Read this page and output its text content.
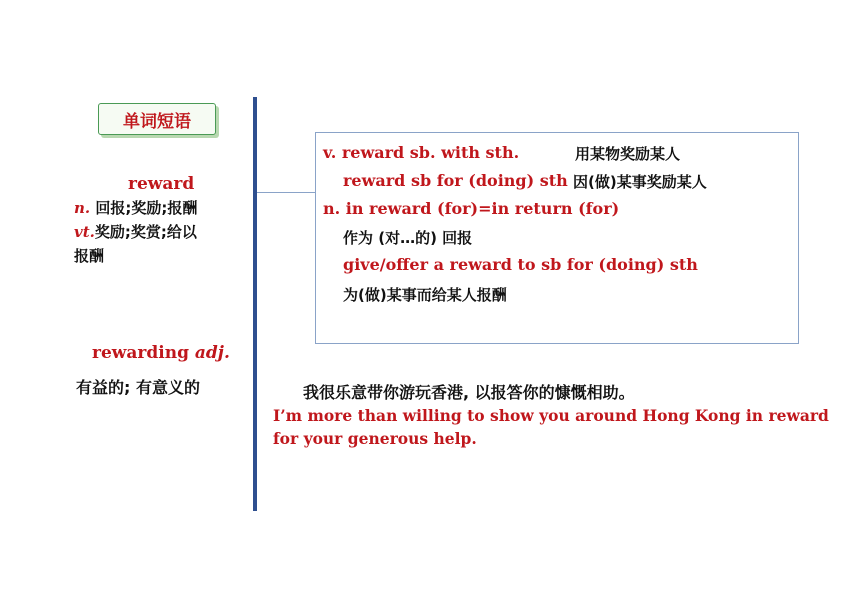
单词短语
reward
n. 回报;奖励;报酬
vt.奖励;奖赏;给以
报酬
rewarding adj.
有益的; 有意义的
v. reward sb. with sth.	用某物奖励某人
reward sb for (doing) sth 因(做)某事奖励某人
n. in reward (for)=in return (for)
作为 (对…的) 回报
give/offer a reward to sb for (doing) sth
为(做)某事而给某人报酬
我很乐意带你游玩香港, 以报答你的慷慨相助。
I’m more than willing to show you around Hong Kong in reward
for your generous help.
